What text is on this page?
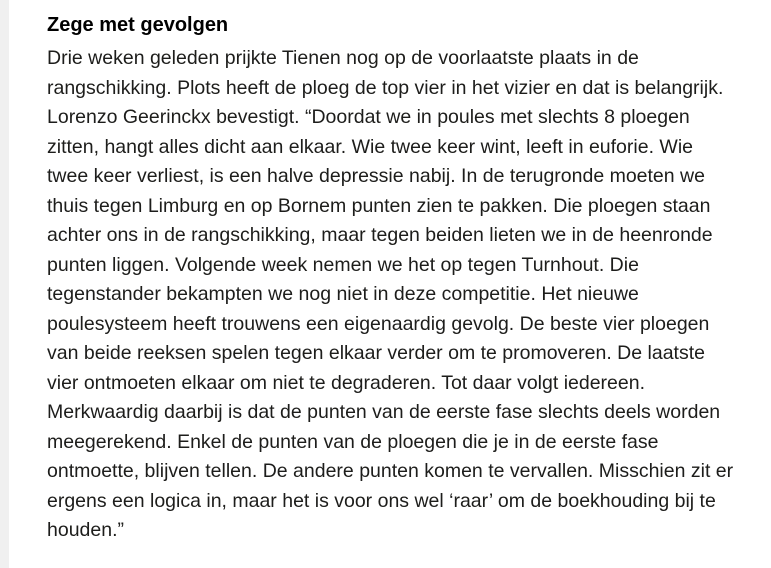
Zege met gevolgen
Drie weken geleden prijkte Tienen nog op de voorlaatste plaats in de
rangschikking. Plots heeft de ploeg de top vier in het vizier en dat is belangrijk.
Lorenzo Geerinckx bevestigt. “Doordat we in poules met slechts 8 ploegen
zitten, hangt alles dicht aan elkaar. Wie twee keer wint, leeft in euforie. Wie
twee keer verliest, is een halve depressie nabij. In de terugronde moeten we
thuis tegen Limburg en op Bornem punten zien te pakken. Die ploegen staan
achter ons in de rangschikking, maar tegen beiden lieten we in de heenronde
punten liggen. Volgende week nemen we het op tegen Turnhout. Die
tegenstander bekampten we nog niet in deze competitie. Het nieuwe
poulesysteem heeft trouwens een eigenaardig gevolg. De beste vier ploegen
van beide reeksen spelen tegen elkaar verder om te promoveren. De laatste
vier ontmoeten elkaar om niet te degraderen. Tot daar volgt iedereen.
Merkwaardig daarbij is dat de punten van de eerste fase slechts deels worden
meegerekend. Enkel de punten van de ploegen die je in de eerste fase
ontmoette, blijven tellen. De andere punten komen te vervallen. Misschien zit er
ergens een logica in, maar het is voor ons wel ‘raar’ om de boekhouding bij te
houden.”
